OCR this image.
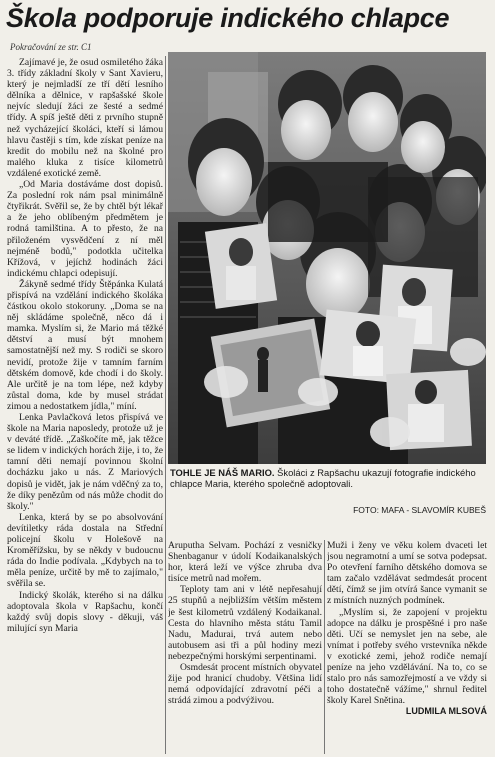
Škola podporuje indického chlapce
Pokračování ze str. C1

Zajímavé je, že osud osmiletého žáka 3. třídy základní školy v Sant Xavieru, který je nejmladší ze tří dětí lesního dělníka a dělnice, v rapšašské škole nejvíc sledují žáci ze šesté a sedmé třídy. A spíš ještě děti z prvního stupně než vycházející školáci, kteří si lámou hlavu častěji s tím, kde získat peníze na kredit do mobilu než na školné pro malého kluka z tisíce kilometrů vzdálené exotické země.

„Od Maria dostáváme dost dopisů. Za poslední rok nám psal minimálně čtyřikrát. Svěřil se, že by chtěl být lékař a že jeho oblíbeným předmětem je rodná tamilština. A to přesto, že na přiloženém vysvědčení z ní měl nejméně bodů," podotkla učitelka Křížová, v jejíchž hodinách žáci indickému chlapci odepisují.

Žákyně sedmé třídy Štěpánka Kulatá přispívá na vzdělání indického školáka částkou okolo stokoruny. „Doma se na něj skládáme společně, něco dá i mamka. Myslím si, že Mario má těžké dětství a musí být mnohem samostatnější než my. S rodiči se skoro nevidí, protože žije v tamním farním dětském domově, kde chodí i do školy. Ale určitě je na tom lépe, než kdyby zůstal doma, kde by musel strádat zimou a nedostatkem jídla," míní.

Lenka Pavlačková letos přispívá ve škole na Maria naposledy, protože už je v deváté třídě. „Zaškočíte mě, jak těžce se lidem v indických horách žije, i to, že tamní děti nemají povinnou školní docházku jako u nás. Z Mariových dopisů je vidět, jak je nám vděčný za to, že díky penězům od nás může chodit do školy."

Lenka, která by se po absolvování devítiletky ráda dostala na Střední policejní školu v Holešově na Kroměřížsku, by se někdy v budoucnu ráda do Indie podívala. „Kdybych na to měla peníze, určitě by mě to zajímalo," svěřila se.

Indický školák, kterého si na dálku adoptovala škola v Rapšachu, končí každý svůj dopis slovy - děkuji, váš milující syn Maria

TOHLE JE NÁŠ MARIO. Školáci z Rapšachu ukazují fotografie indického chlapce Maria, kterého společně adoptovali.
FOTO: MAFA - SLAVOMÍR KUBEŠ

Aruputha Selvam. Pochází z vesničky Shenbaganur v údolí Kodaikanalských hor, která leží ve výšce zhruba dva tisíce metrů nad mořem.

Teploty tam ani v létě nepřesahují 25 stupňů a nejbližším větším městem je šest kilometrů vzdálený Kodaikanal. Cesta do hlavního města státu Tamil Nadu, Madurai, trvá autem nebo autobusem asi tři a půl hodiny mezi nebezpečnými horskými serpentinami.

Osmdesát procent místních obyvatel žije pod hranicí chudoby. Většina lidí nemá odpovídající zdravotní péči a strádá zimou a podvýživou.

Muži i ženy ve věku kolem dvaceti let jsou negramotní a umí se sotva podepsat. Po otevření farního dětského domova se tam začalo vzdělávat sedmdesát procent dětí, čímž se jim otvírá šance vymanit se z místních nuzných podmínek.

„Myslím si, že zapojení v projektu adopce na dálku je prospěšné i pro naše děti. Učí se nemyslet jen na sebe, ale vnímat i potřeby svého vrstevníka někde v exotické zemi, jehož rodiče nemají peníze na jeho vzdělávání. Na to, co se stalo pro nás samozřejmostí a ve vždy si toho dostatečně vážíme," shrnul ředitel školy Karel Snětina.

LUDMILA MLSOVÁ
